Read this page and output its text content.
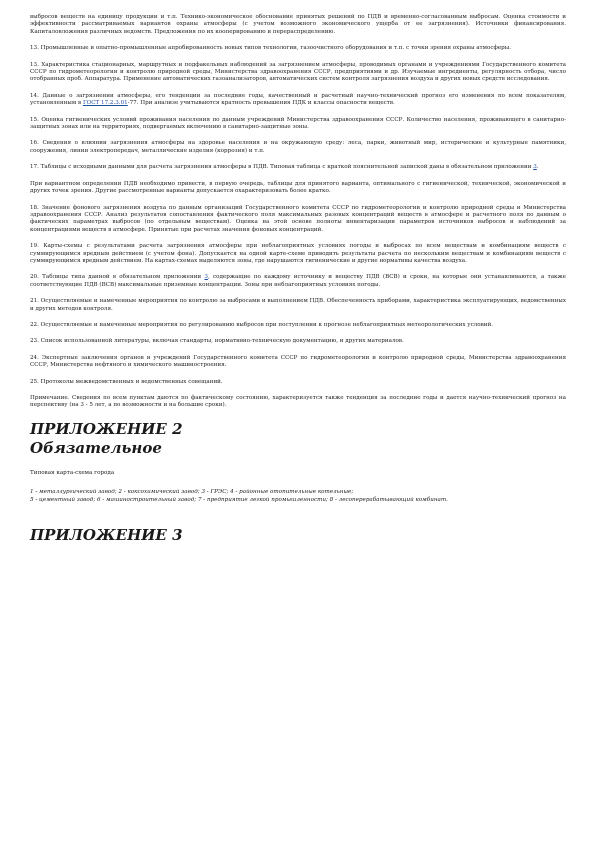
выбросов веществ на единицу продукции и т.п. Технико-экономическое обоснование принятых решений по ПДВ и временно-согласованным выбросам. Оценка стоимости и эффективности рассматриваемых вариантов охраны атмосферы (с учетом возможного экономического ущерба от ее загрязнения). Источники финансирования. Капиталовложения различных ведомств. Предложения по их кооперированию и перераспределению.

13. Промышленные и опытно-промышленные апробированность новых типов технологии, газоочистного оборудования и т.п. с точки зрения охраны атмосферы.

13. Характеристика стационарных, маршрутных и подфакельных наблюдений за загрязнением атмосферы, проводимых органами и учреждениями Государственного комитета СССР по гидрометеорологии и контролю природной среды, Министерства здравоохранения СССР, предприятиями и др. Изучаемые ингредиенты, регулярность отбора, число отобранных проб. Аппаратура. Применение автоматических газоанализаторов, автоматических систем контроля загрязнения воздуха и других новых средств исследования.

14. Данные о загрязнении атмосферы, его тенденции за последние годы, качественный и расчетный научно-технический прогноз его изменения по всем показателям, установленным в ГОСТ 17.2.3.01-77. При анализе учитываются кратность превышения ПДК и классы опасности веществ.

15. Оценка гигиенических условий проживания населения по данным учреждений Министерства здравоохранения СССР. Количество населения, проживающего в санитарно-защитных зонах или на территориях, подвергаемых включению в санитарно-защитные зоны.

16. Сведения о влиянии загрязнения атмосферы на здоровье населения и на окружающую среду: леса, парки, животный мир, исторические и культурные памятники, сооружения, линии электропередач, металлические изделия (коррозия) и т.п.

17. Таблицы с исходными данными для расчета загрязнения атмосферы в ПДВ. Типовая таблица с краткой пояснительной запиской даны в обязательном приложении 3.

При вариантном определении ПДВ необходимо привести, в первую очередь, таблицы для принятого варианта, оптимального с гигиенической, технической, экономической и других точек зрения. Другие рассмотренные варианты допускается охарактеризовать более кратко.

18. Значение фонового загрязнения воздуха по данным организаций Государственного комитета СССР по гидрометеорологии и контролю природной среды и Министерства здравоохранения СССР. Анализ результатов сопоставления фактического поля максимальных разовых концентраций веществ в атмосфере и расчетного поля по данным о фактических параметрах выбросов (по отдельным веществам). Оценка на этой основе полноты инвентаризации параметров источников выбросов и наблюдений за концентрациями веществ в атмосфере. Принятые при расчетах значения фоновых концентраций.

19. Карты-схемы с результатами расчета загрязнения атмосферы при неблагоприятных условиях погоды и выбросах по всем веществам и комбинациям веществ с суммирующимся вредным действием (с учетом фона). Допускается на одной карте-схеме приводить результаты расчета по нескольким веществам и комбинациям веществ с суммирующимся вредным действием. На картах-схемах выделяются зоны, где нарушаются гигиенические и другие нормативы качества воздуха.

20. Таблицы типа данной в обязательном приложении 3, содержащие по каждому источнику и веществу ПДВ (ВСВ) и сроки, на которые они устанавливаются, а также соответствующие ПДВ (ВСВ) максимальные приземные концентрации. Зоны при неблагоприятных условиях погоды.

21. Осуществляемые и намеченные мероприятия по контролю за выбросами и выполнением ПДВ. Обеспеченность приборами, характеристика эксплуатирующих, ведомственных и других методов контроля.

22. Осуществляемые и намеченные мероприятия по регулированию выбросов при поступлении к прогнозе неблагоприятных метеорологических условий.

23. Список использованной литературы, включая стандарты, нормативно-техническую документацию, и других материалов.

24. Экспертные заключения органов и учреждений Государственного комитета СССР по гидрометеорологии и контролю природной среды, Министерства здравоохранения СССР, Министерства нефтяного и химического машиностроения.

25. Протоколы межведомственных и ведомственных совещаний.

Примечание. Сведения по всем пунктам даются по фактическому состоянию, характеризуется также тенденция за последние годы и дается научно-технический прогноз на перспективу (на 3 - 5 лет, а по возможности и на большие сроки).

ПРИЛОЖЕНИЕ 2
Обязательное

Типовая карта-схема города

1 - металлургический завод; 2 - коксохимический завод; 3 - ГРЭС; 4 - районные отопительные котельные;

5 - цементный завод; 6 - машиностроительный завод; 7 - предприятие легкой промышленности; 8 - лесоперерабатывающий комбинат.

ПРИЛОЖЕНИЕ 3
